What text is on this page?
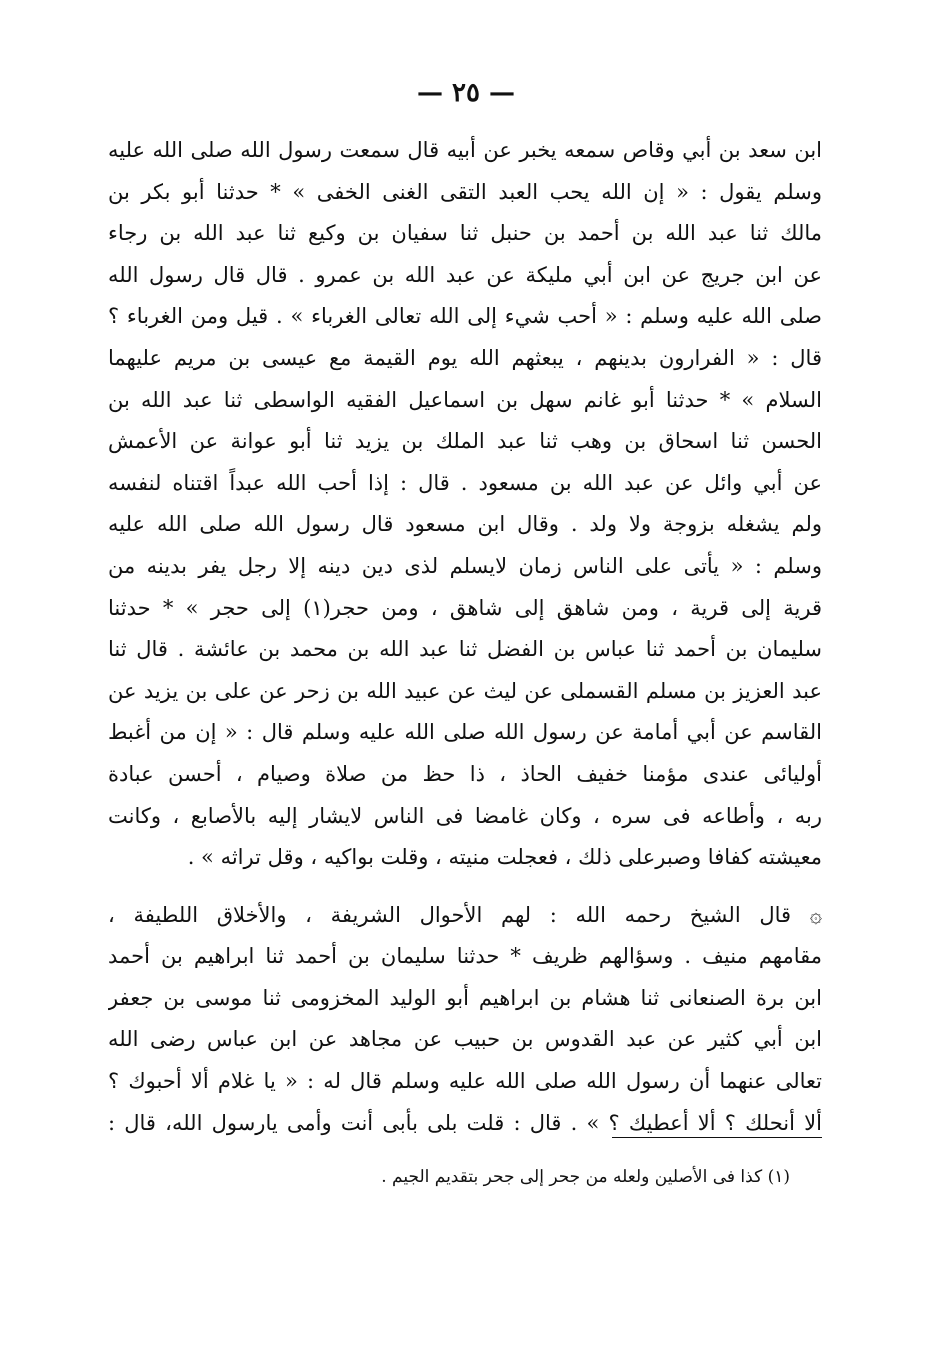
— ٢٥ —
ابن سعد بن أبي وقاص سمعه يخبر عن أبيه قال سمعت رسول الله صلى الله عليه
وسلم يقول : « إن الله يحب العبد التقى الغنى الخفى » * حدثنا أبو بكر بن
مالك ثنا عبد الله بن أحمد بن حنبل ثنا سفيان بن وكيع ثنا عبد الله بن رجاء
عن ابن جريج عن ابن أبي مليكة عن عبد الله بن عمرو . قال قال رسول الله
صلى الله عليه وسلم : « أحب شيء إلى الله تعالى الغرباء » . قيل ومن الغرباء ؟
قال : « الفرارون بدينهم ، يبعثهم الله يوم القيمة مع عيسى بن مريم عليهما
السلام » * حدثنا أبو غانم سهل بن اسماعيل الفقيه الواسطى ثنا عبد الله بن
الحسن ثنا اسحاق بن وهب ثنا عبد الملك بن يزيد ثنا أبو عوانة عن الأعمش
عن أبي وائل عن عبد الله بن مسعود . قال : إذا أحب الله عبداً اقتناه لنفسه
ولم يشغله بزوجة ولا ولد . وقال ابن مسعود قال رسول الله صلى الله عليه
وسلم : « يأتى على الناس زمان لايسلم لذى دين دينه إلا رجل يفر بدينه من
قرية إلى قرية ، ومن شاهق إلى شاهق ، ومن حجر(١) إلى حجر » * حدثنا
سليمان بن أحمد ثنا عباس بن الفضل ثنا عبد الله بن محمد بن عائشة . قال ثنا
عبد العزيز بن مسلم القسملى عن ليث عن عبيد الله بن زحر عن على بن يزيد عن
القاسم عن أبي أمامة عن رسول الله صلى الله عليه وسلم قال : « إن من أغبط
أوليائى عندى مؤمنا خفيف الحاذ ، ذا حظ من صلاة وصيام ، أحسن عبادة
ربه ، وأطاعه فى سره ، وكان غامضا فى الناس لايشار إليه بالأصابع ، وكانت
معيشته كفافا وصبرعلى ذلك ، فعجلت منيته ، وقلت بواكيه ، وقل تراثه » .
۞ قال الشيخ رحمه الله : لهم الأحوال الشريفة ، والأخلاق اللطيفة ،
مقامهم منيف . وسؤالهم ظريف * حدثنا سليمان بن أحمد ثنا ابراهيم بن أحمد
ابن برة الصنعانى ثنا هشام بن ابراهيم أبو الوليد المخزومى ثنا موسى بن جعفر
ابن أبي كثير عن عبد القدوس بن حبيب عن مجاهد عن ابن عباس رضى الله
تعالى عنهما أن رسول الله صلى الله عليه وسلم قال له : « يا غلام ألا أحبوك ؟
ألا أنحلك ؟ ألا أعطيك ؟ » . قال : قلت بلى بأبى أنت وأمى يارسول الله، قال :
(١) كذا فى الأصلين ولعله من جحر إلى جحر بتقديم الجيم .
